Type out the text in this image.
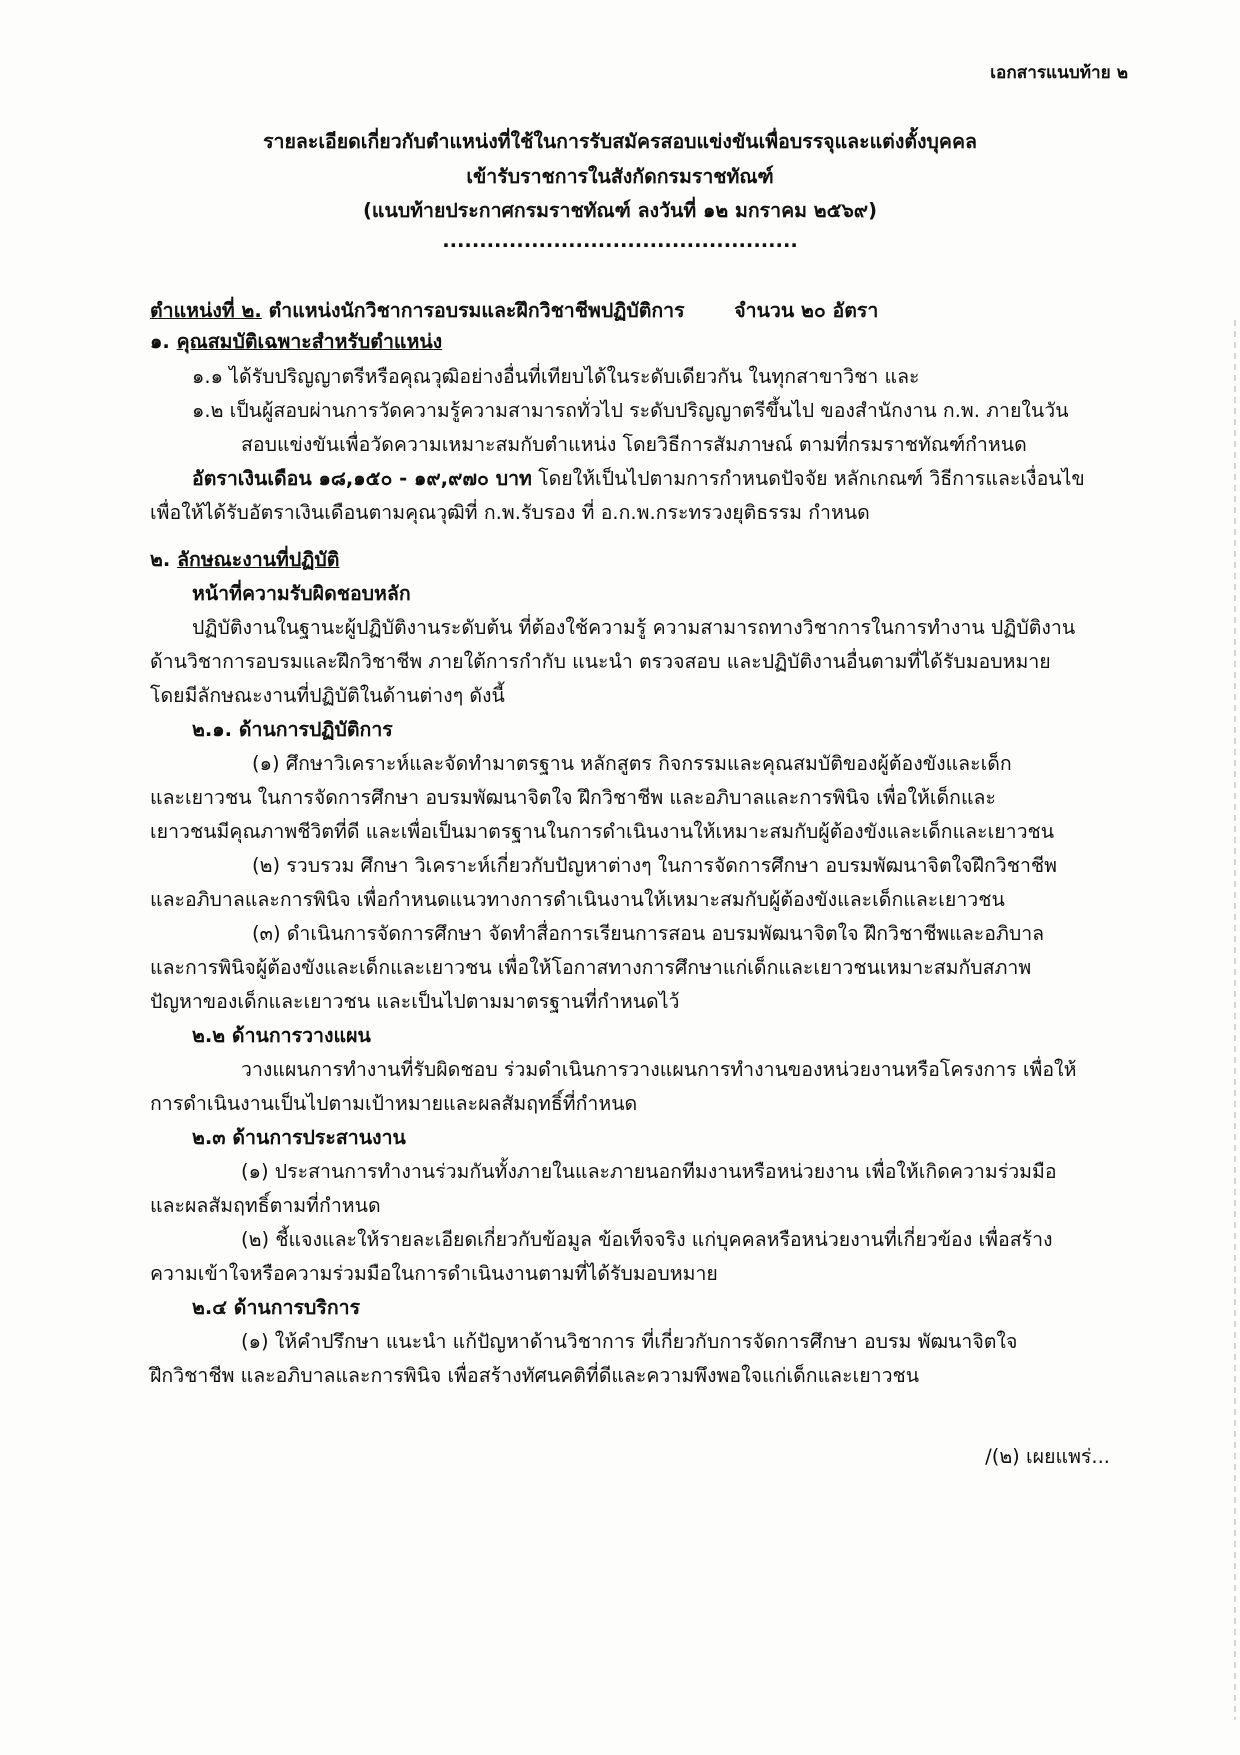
เอกสารแนบท้าย ๒
รายละเอียดเกี่ยวกับตำแหน่งที่ใช้ในการรับสมัครสอบแข่งขันเพื่อบรรจุและแต่งตั้งบุคคล
เข้ารับราชการในสังกัดกรมราชทัณฑ์
(แนบท้ายประกาศกรมราชทัณฑ์ ลงวันที่ ๑๒ มกราคม ๒๕๖๙)
................................................
ตำแหน่งที่ ๒. ตำแหน่งนักวิชาการอบรมและฝึกวิชาชีพปฏิบัติการ	จำนวน ๒๐ อัตรา
๑. คุณสมบัติเฉพาะสำหรับตำแหน่ง
๑.๑ ได้รับปริญญาตรีหรือคุณวุฒิอย่างอื่นที่เทียบได้ในระดับเดียวกัน ในทุกสาขาวิชา และ
๑.๒ เป็นผู้สอบผ่านการวัดความรู้ความสามารถทั่วไป ระดับปริญญาตรีขึ้นไป ของสำนักงาน ก.พ. ภายในวัน
สอบแข่งขันเพื่อวัดความเหมาะสมกับตำแหน่ง โดยวิธีการสัมภาษณ์ ตามที่กรมราชทัณฑ์กำหนด
อัตราเงินเดือน ๑๘,๑๕๐ - ๑๙,๙๗๐ บาท โดยให้เป็นไปตามการกำหนดปัจจัย หลักเกณฑ์ วิธีการและเงื่อนไข
เพื่อให้ได้รับอัตราเงินเดือนตามคุณวุฒิที่ ก.พ.รับรอง ที่ อ.ก.พ.กระทรวงยุติธรรม กำหนด
๒. ลักษณะงานที่ปฏิบัติ
หน้าที่ความรับผิดชอบหลัก
ปฏิบัติงานในฐานะผู้ปฏิบัติงานระดับต้น ที่ต้องใช้ความรู้ ความสามารถทางวิชาการในการทำงาน ปฏิบัติงาน
ด้านวิชาการอบรมและฝึกวิชาชีพ ภายใต้การกำกับ แนะนำ ตรวจสอบ และปฏิบัติงานอื่นตามที่ได้รับมอบหมาย
โดยมีลักษณะงานที่ปฏิบัติในด้านต่างๆ ดังนี้
๒.๑. ด้านการปฏิบัติการ
(๑) ศึกษาวิเคราะห์และจัดทำมาตรฐาน หลักสูตร กิจกรรมและคุณสมบัติของผู้ต้องขังและเด็ก
และเยาวชน ในการจัดการศึกษา อบรมพัฒนาจิตใจ ฝึกวิชาชีพ และอภิบาลและการพินิจ เพื่อให้เด็กและ
เยาวชนมีคุณภาพชีวิตที่ดี และเพื่อเป็นมาตรฐานในการดำเนินงานให้เหมาะสมกับผู้ต้องขังและเด็กและเยาวชน
(๒) รวบรวม ศึกษา วิเคราะห์เกี่ยวกับปัญหาต่างๆ ในการจัดการศึกษา อบรมพัฒนาจิตใจฝึกวิชาชีพ
และอภิบาลและการพินิจ เพื่อกำหนดแนวทางการดำเนินงานให้เหมาะสมกับผู้ต้องขังและเด็กและเยาวชน
(๓) ดำเนินการจัดการศึกษา จัดทำสื่อการเรียนการสอน อบรมพัฒนาจิตใจ ฝึกวิชาชีพและอภิบาล
และการพินิจผู้ต้องขังและเด็กและเยาวชน เพื่อให้โอกาสทางการศึกษาแก่เด็กและเยาวชนเหมาะสมกับสภาพ
ปัญหาของเด็กและเยาวชน และเป็นไปตามมาตรฐานที่กำหนดไว้
๒.๒ ด้านการวางแผน
วางแผนการทำงานที่รับผิดชอบ ร่วมดำเนินการวางแผนการทำงานของหน่วยงานหรือโครงการ เพื่อให้
การดำเนินงานเป็นไปตามเป้าหมายและผลสัมฤทธิ์ที่กำหนด
๒.๓ ด้านการประสานงาน
(๑) ประสานการทำงานร่วมกันทั้งภายในและภายนอกทีมงานหรือหน่วยงาน เพื่อให้เกิดความร่วมมือ
และผลสัมฤทธิ์ตามที่กำหนด
(๒) ชี้แจงและให้รายละเอียดเกี่ยวกับข้อมูล ข้อเท็จจริง แก่บุคคลหรือหน่วยงานที่เกี่ยวข้อง เพื่อสร้าง
ความเข้าใจหรือความร่วมมือในการดำเนินงานตามที่ได้รับมอบหมาย
๒.๔ ด้านการบริการ
(๑) ให้คำปรึกษา แนะนำ แก้ปัญหาด้านวิชาการ ที่เกี่ยวกับการจัดการศึกษา อบรม พัฒนาจิตใจ
ฝึกวิชาชีพ และอภิบาลและการพินิจ เพื่อสร้างทัศนคติที่ดีและความพึงพอใจแก่เด็กและเยาวชน
/(๒) เผยแพร่...
